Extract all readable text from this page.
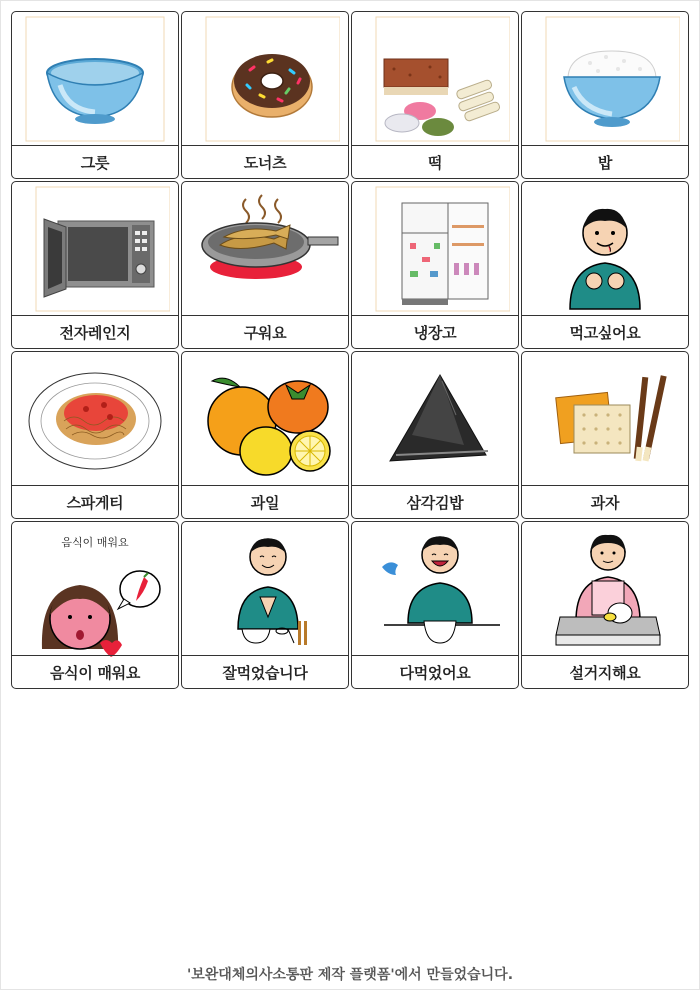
그릇	도너츠	떡	밥
전자레인지	구워요	냉장고	먹고싶어요
스파게티	과일	삼각김밥	과자
음식이 매워요
음식이 매워요	잘먹었습니다	다먹었어요	설거지해요
'보완대체의사소통판 제작 플랫폼'에서 만들었습니다.
